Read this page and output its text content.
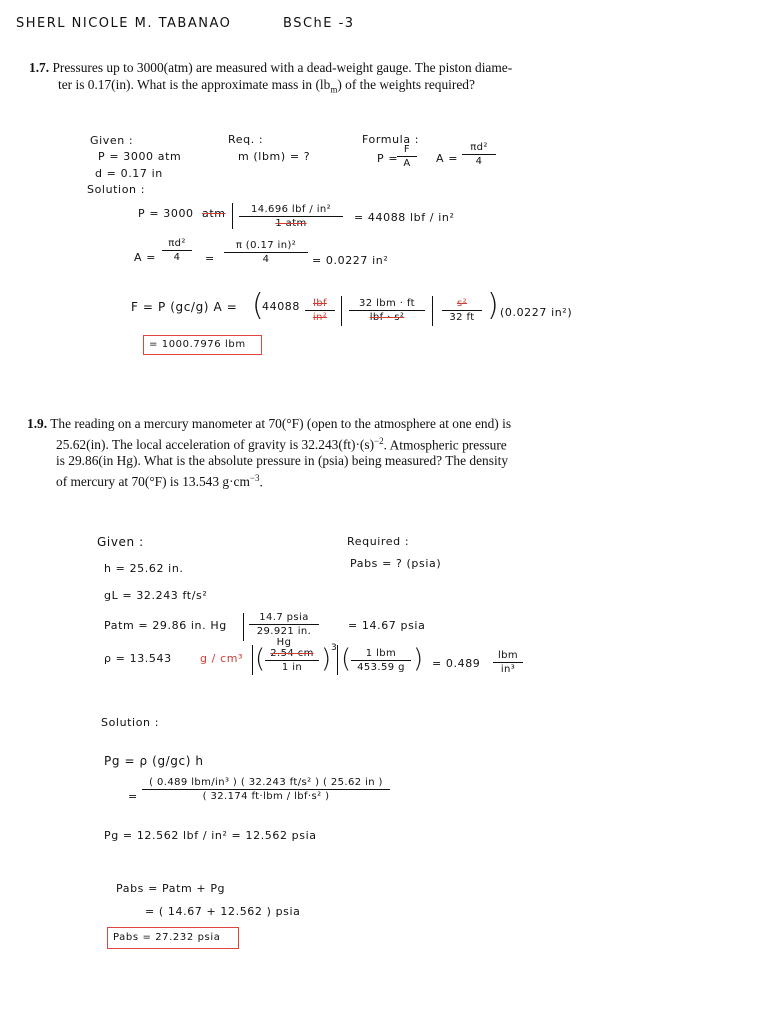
SHERL NICOLE M. TABANAO	BSChE -3
1.7. Pressures up to 3000(atm) are measured with a dead-weight gauge. The piston diame-
ter is 0.17(in). What is the approximate mass in $(lb_m)$ of the weights required?
Given :
P = 3000 atm
d = 0.17 in
Solution :
Req. :
m (lbm) = ?
Formula :
P =
$\frac{F}{A}$ $A = \frac{\text{πd²}}{4}$
P = 3000 atm	14.696 lbf / in²
1 atm	= 44088 lbf / in²
$A = \frac{\text{πd²}}{4} = \frac{\text{π (0.17 in)²}}{4} = 0.0227$ in²
F = P (gc/g) A = (
44088	lbf
in²
32 lbm · ft
lbf · s²	$\frac{\text{s²}}{32 ft}$ ) (0.0227 in²)
= 1000.7976 lbm
1.9. The reading on a mercury manometer at 70(°F) (open to the atmosphere at one end) is
25.62(in). The local acceleration of gravity is $32.243(ft)\cdot(s)^{-2}$. Atmospheric pressure
is 29.86(in Hg). What is the absolute pressure in (psia) being measured? The density
of mercury at 70(°F) is 13.543 $g\cdot cm^{-3}$.
Given :
h = 25.62 in.
gL = 32.243 ft/s²
Patm = 29.86 in. Hg
14.7 psia
29.921 in. Hg
= 14.67 psia
ρ = 13.543	g / cm³ ( $\frac{2.54 cm}{1 in}$ ) 3 (	1 lbm
453.59 g ) = 0.489
lbm
in³
Required :
Pabs = ? (psia)
Solution :
Pg = ρ (g/gc) h
=
( 0.489 lbm/in³ ) ( 32.243 ft/s² ) ( 25.62 in )
( 32.174 ft·lbm / lbf·s² )
Pg = 12.562 lbf / in² = 12.562 psia
Pabs = Patm + Pg
= ( 14.67 + 12.562 ) psia
Pabs = 27.232 psia
